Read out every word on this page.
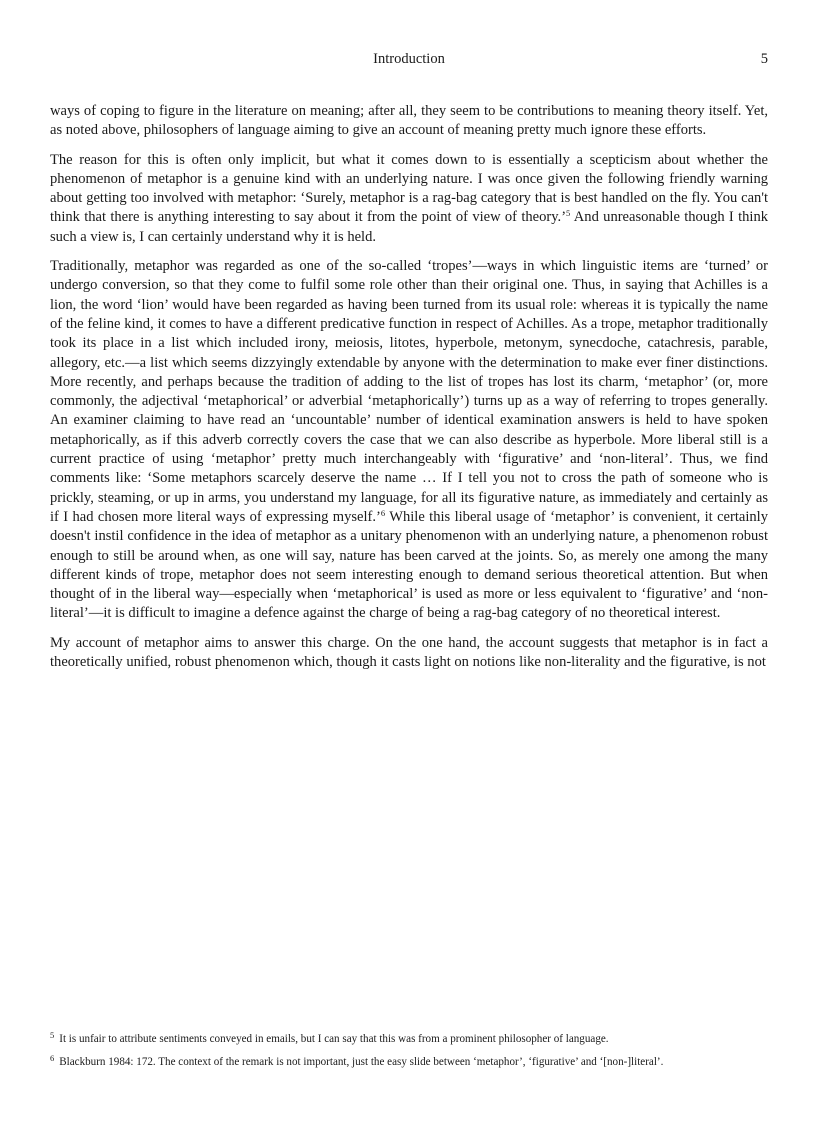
Introduction	5

ways of coping to figure in the literature on meaning; after all, they seem to be contributions to meaning theory itself. Yet, as noted above, philosophers of language aiming to give an account of meaning pretty much ignore these efforts.

The reason for this is often only implicit, but what it comes down to is essentially a scepticism about whether the phenomenon of metaphor is a genuine kind with an underlying nature. I was once given the following friendly warning about getting too involved with metaphor: ‘Surely, metaphor is a rag-bag category that is best handled on the fly. You can't think that there is anything interesting to say about it from the point of view of theory.’$^5$ And unreasonable though I think such a view is, I can certainly understand why it is held.

Traditionally, metaphor was regarded as one of the so-called ‘tropes’—ways in which linguistic items are ‘turned’ or undergo conversion, so that they come to fulfil some role other than their original one. Thus, in saying that Achilles is a lion, the word ‘lion’ would have been regarded as having been turned from its usual role: whereas it is typically the name of the feline kind, it comes to have a different predicative function in respect of Achilles. As a trope, metaphor traditionally took its place in a list which included irony, meiosis, litotes, hyperbole, metonym, synecdoche, catachresis, parable, allegory, etc.—a list which seems dizzyingly extendable by anyone with the determination to make ever finer distinctions. More recently, and perhaps because the tradition of adding to the list of tropes has lost its charm, ‘metaphor’ (or, more commonly, the adjectival ‘metaphorical’ or adverbial ‘metaphorically’) turns up as a way of referring to tropes generally. An examiner claiming to have read an ‘uncountable’ number of identical examination answers is held to have spoken metaphorically, as if this adverb correctly covers the case that we can also describe as hyperbole. More liberal still is a current practice of using ‘metaphor’ pretty much interchangeably with ‘figurative’ and ‘non-literal’. Thus, we find comments like: ‘Some metaphors scarcely deserve the name … If I tell you not to cross the path of someone who is prickly, steaming, or up in arms, you understand my language, for all its figurative nature, as immediately and certainly as if I had chosen more literal ways of expressing myself.’$^6$ While this liberal usage of ‘metaphor’ is convenient, it certainly doesn't instil confidence in the idea of metaphor as a unitary phenomenon with an underlying nature, a phenomenon robust enough to still be around when, as one will say, nature has been carved at the joints. So, as merely one among the many different kinds of trope, metaphor does not seem interesting enough to demand serious theoretical attention. But when thought of in the liberal way—especially when ‘metaphorical’ is used as more or less equivalent to ‘figurative’ and ‘non-literal’—it is difficult to imagine a defence against the charge of being a rag-bag category of no theoretical interest.

My account of metaphor aims to answer this charge. On the one hand, the account suggests that metaphor is in fact a theoretically unified, robust phenomenon which, though it casts light on notions like non-literality and the figurative, is not

$^5$ It is unfair to attribute sentiments conveyed in emails, but I can say that this was from a prominent philosopher of language.
$^6$ Blackburn 1984: 172. The context of the remark is not important, just the easy slide between ‘metaphor’, ‘figurative’ and ‘[non-]literal’.
